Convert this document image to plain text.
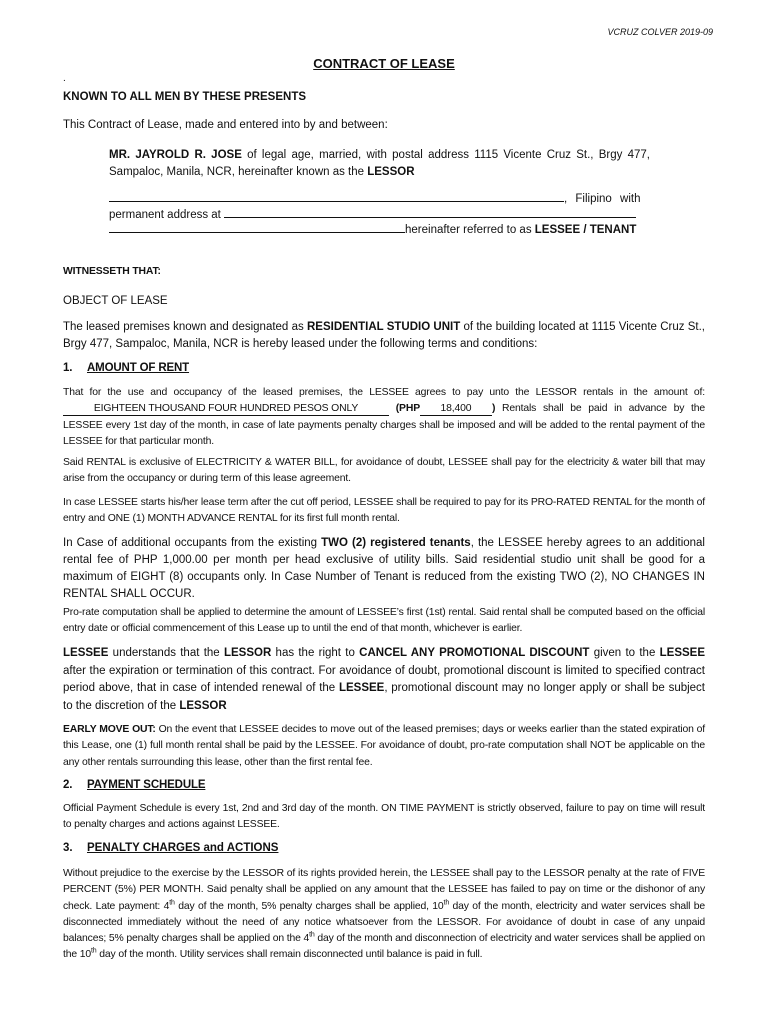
VCRUZ COLVER 2019-09
CONTRACT OF LEASE
.
KNOWN TO ALL MEN BY THESE PRESENTS
This Contract of Lease, made and entered into by and between:
MR. JAYROLD R. JOSE of legal age, married, with postal address 1115 Vicente Cruz St., Brgy 477, Sampaloc, Manila, NCR, hereinafter known as the LESSOR
, Filipino with
permanent address at
hereinafter referred to as LESSEE / TENANT
WITNESSETH THAT:
OBJECT OF LEASE
The leased premises known and designated as RESIDENTIAL STUDIO UNIT of the building located at 1115 Vicente Cruz St., Brgy 477, Sampaloc, Manila, NCR is hereby leased under the following terms and conditions:
1. AMOUNT OF RENT
That for the use and occupancy of the leased premises, the LESSEE agrees to pay unto the LESSOR rentals in the amount of: EIGHTEEN THOUSAND FOUR HUNDRED PESOS ONLY	(PHP 18,400 ) Rentals shall be paid in advance by the LESSEE every 1st day of the month, in case of late payments penalty charges shall be imposed and will be added to the rental payment of the LESSEE for that particular month.
Said RENTAL is exclusive of ELECTRICITY & WATER BILL, for avoidance of doubt, LESSEE shall pay for the electricity & water bill that may arise from the occupancy or during term of this lease agreement.
In case LESSEE starts his/her lease term after the cut off period, LESSEE shall be required to pay for its PRO-RATED RENTAL for the month of entry and ONE (1) MONTH ADVANCE RENTAL for its first full month rental.
In Case of additional occupants from the existing TWO (2) registered tenants, the LESSEE hereby agrees to an additional rental fee of PHP 1,000.00 per month per head exclusive of utility bills. Said residential studio unit shall be good for a maximum of EIGHT (8) occupants only. In Case Number of Tenant is reduced from the existing TWO (2), NO CHANGES IN RENTAL SHALL OCCUR.
Pro-rate computation shall be applied to determine the amount of LESSEE’s first (1st) rental. Said rental shall be computed based on the official entry date or official commencement of this Lease up to until the end of that month, whichever is earlier.
LESSEE understands that the LESSOR has the right to CANCEL ANY PROMOTIONAL DISCOUNT given to the LESSEE after the expiration or termination of this contract. For avoidance of doubt, promotional discount is limited to specified contract period above, that in case of intended renewal of the LESSEE, promotional discount may no longer apply or shall be subject to the discretion of the LESSOR
EARLY MOVE OUT: On the event that LESSEE decides to move out of the leased premises; days or weeks earlier than the stated expiration of this Lease, one (1) full month rental shall be paid by the LESSEE. For avoidance of doubt, pro-rate computation shall NOT be applicable on the any other rentals surrounding this lease, other than the first rental fee.
2. PAYMENT SCHEDULE
Official Payment Schedule is every 1st, 2nd and 3rd day of the month. ON TIME PAYMENT is strictly observed, failure to pay on time will result to penalty charges and actions against LESSEE.
3. PENALTY CHARGES and ACTIONS
Without prejudice to the exercise by the LESSOR of its rights provided herein, the LESSEE shall pay to the LESSOR penalty at the rate of FIVE PERCENT (5%) PER MONTH. Said penalty shall be applied on any amount that the LESSEE has failed to pay on time or the dishonor of any check. Late payment: 4th day of the month, 5% penalty charges shall be applied, 10th day of the month, electricity and water services shall be disconnected immediately without the need of any notice whatsoever from the LESSOR. For avoidance of doubt in case of any unpaid balances; 5% penalty charges shall be applied on the 4th day of the month and disconnection of electricity and water services shall be applied on the 10th day of the month. Utility services shall remain disconnected until balance is paid in full.
